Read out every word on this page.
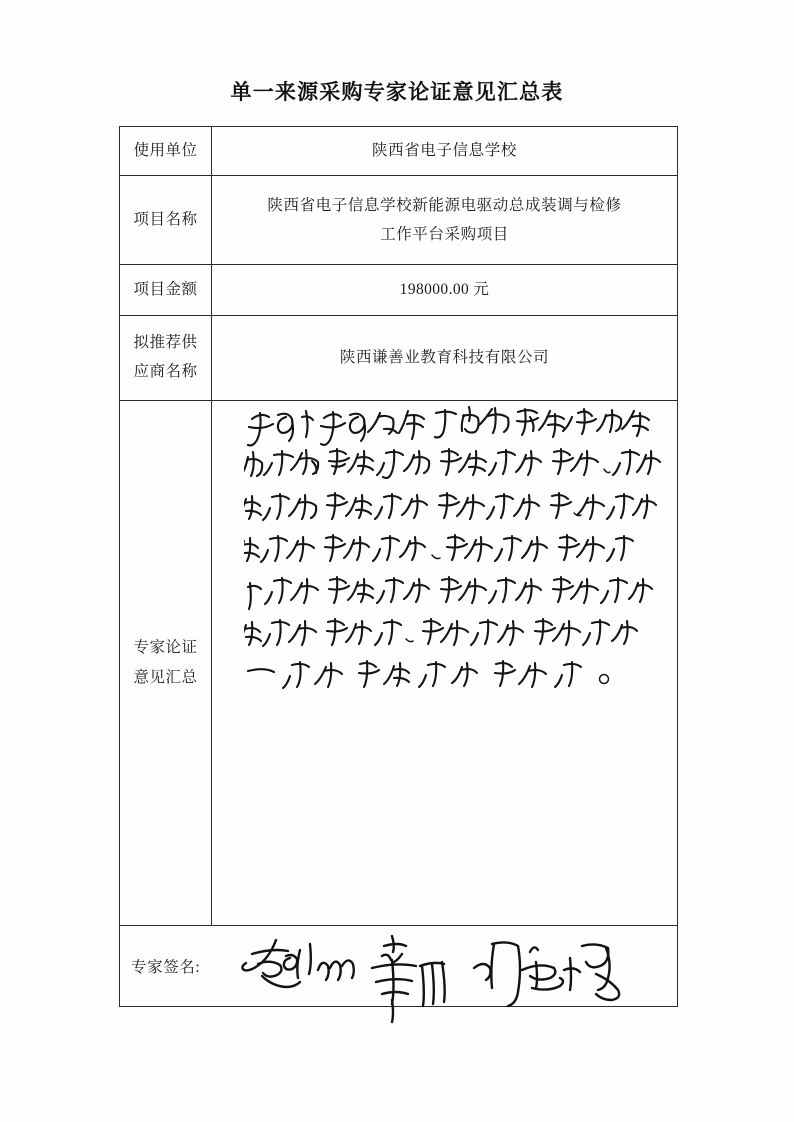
单一来源采购专家论证意见汇总表
使用单位	陕西省电子信息学校
项目名称	陕西省电子信息学校新能源电驱动总成装调与检修
工作平台采购项目

项目金额	198000.00 元

拟推荐供
应商名称	陕西谦善业教育科技有限公司

专家论证
意见汇总

专家签名:	
